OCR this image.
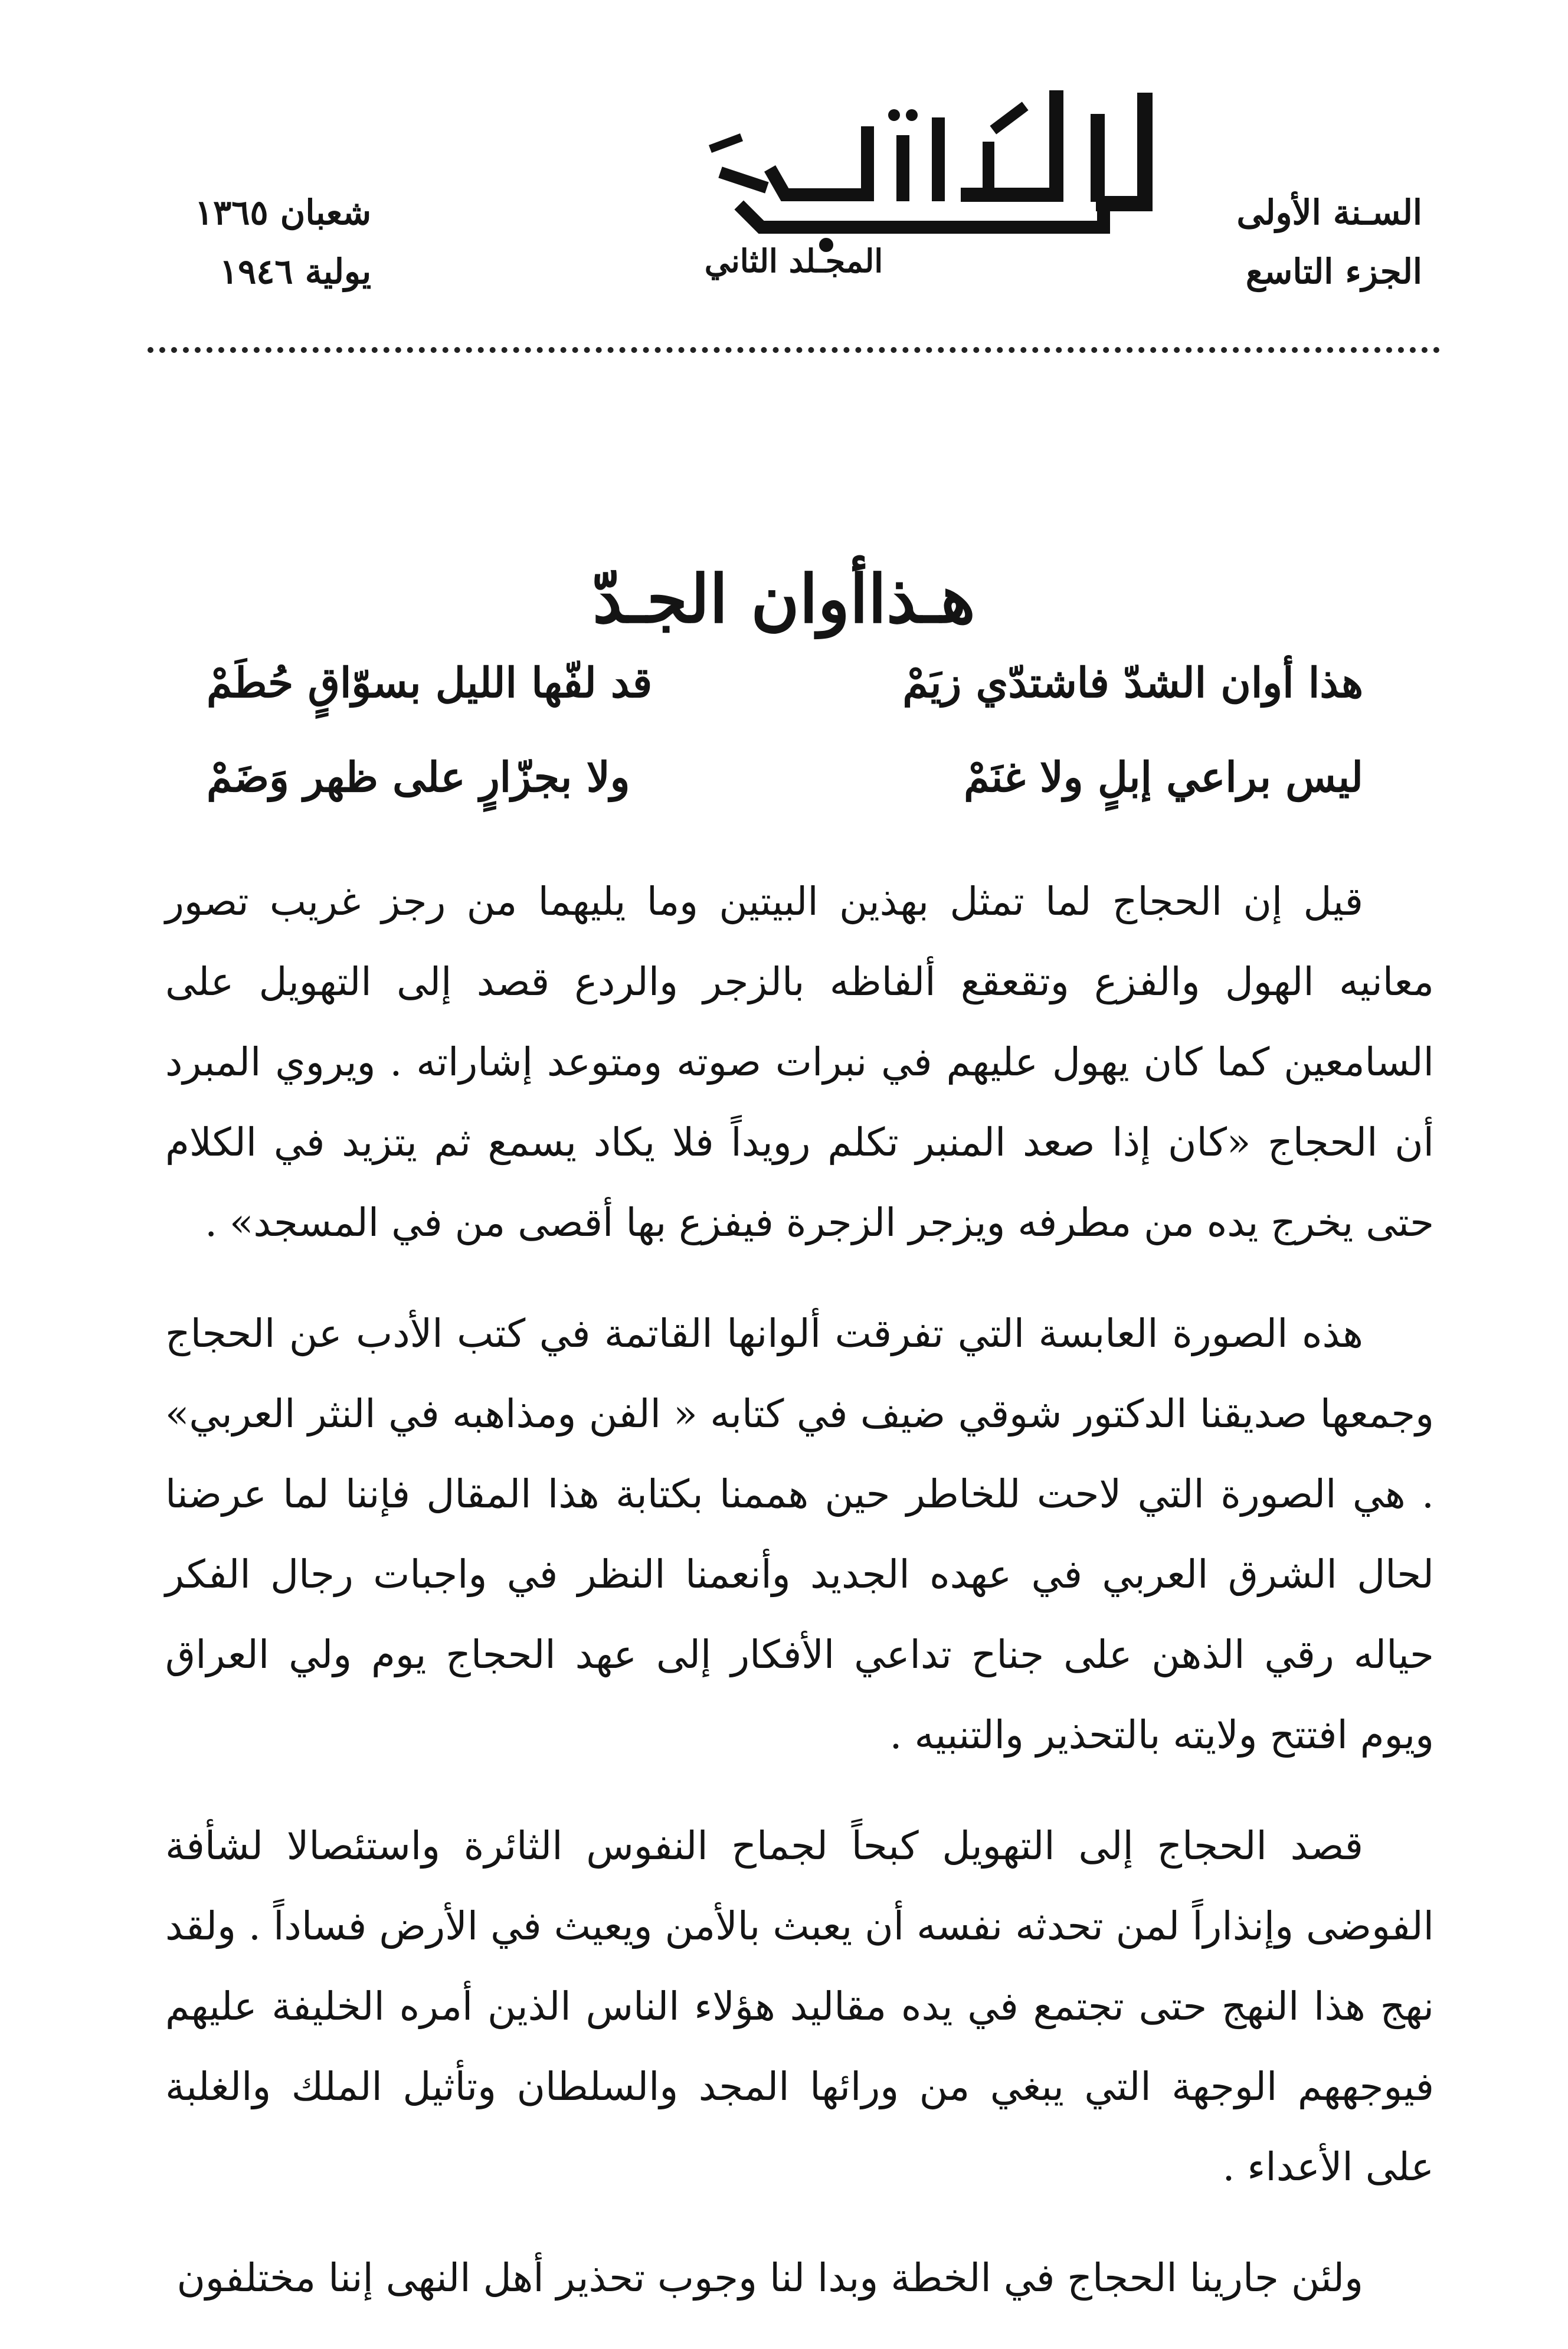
السـنة الأولى
الجزء التاسع
المجـلد الثاني
شعبان ١٣٦٥
يولية ١٩٤٦
هـذاأوان الجـدّ
هذا أوان الشدّ فاشتدّي زيَمْ
قد لفّها الليل بسوّاقٍ حُطَمْ
ليس براعي إبلٍ ولا غنَمْ
ولا بجزّارٍ على ظهر وَضَمْ

قيل إن الحجاج لما تمثل بهذين البيتين وما يليهما من رجز غريب تصور معانيه الهول والفزع وتقعقع ألفاظه بالزجر والردع قصد إلى التهويل على السامعين كما كان يهول عليهم في نبرات صوته ومتوعد إشاراته . ويروي المبرد أن الحجاج «كان إذا صعد المنبر تكلم رويداً فلا يكاد يسمع ثم يتزيد في الكلام حتى يخرج يده من مطرفه ويزجر الزجرة فيفزع بها أقصى من في المسجد» .

هذه الصورة العابسة التي تفرقت ألوانها القاتمة في كتب الأدب عن الحجاج وجمعها صديقنا الدكتور شوقي ضيف في كتابه « الفن ومذاهبه في النثر العربي» . هي الصورة التي لاحت للخاطر حين هممنا بكتابة هذا المقال فإننا لما عرضنا لحال الشرق العربي في عهده الجديد وأنعمنا النظر في واجبات رجال الفكر حياله رقي الذهن على جناح تداعي الأفكار إلى عهد الحجاج يوم ولي العراق ويوم افتتح ولايته بالتحذير والتنبيه .

قصد الحجاج إلى التهويل كبحاً لجماح النفوس الثائرة واستئصالا لشأفة الفوضى وإنذاراً لمن تحدثه نفسه أن يعبث بالأمن ويعيث في الأرض فساداً . ولقد نهج هذا النهج حتى تجتمع في يده مقاليد هؤلاء الناس الذين أمره الخليفة عليهم فيوجههم الوجهة التي يبغي من ورائها المجد والسلطان وتأثيل الملك والغلبة على الأعداء .

ولئن جارينا الحجاج في الخطة وبدا لنا وجوب تحذير أهل النهى إننا مختلفون
